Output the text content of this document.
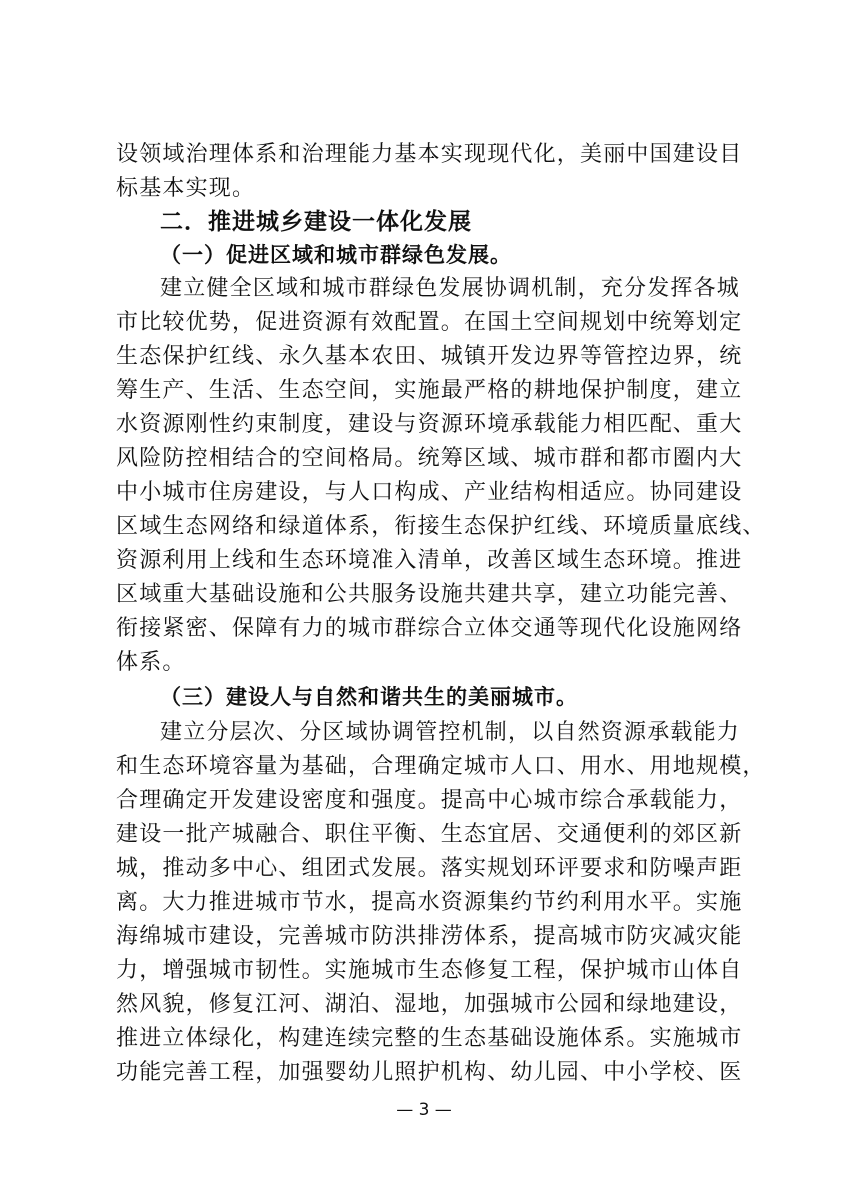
设领域治理体系和治理能力基本实现现代化，美丽中国建设目
标基本实现。
二．推进城乡建设一体化发展
（一）促进区域和城市群绿色发展。
建立健全区域和城市群绿色发展协调机制，充分发挥各城
市比较优势，促进资源有效配置。在国土空间规划中统筹划定
生态保护红线、永久基本农田、城镇开发边界等管控边界，统
筹生产、生活、生态空间，实施最严格的耕地保护制度，建立
水资源刚性约束制度，建设与资源环境承载能力相匹配、重大
风险防控相结合的空间格局。统筹区域、城市群和都市圈内大
中小城市住房建设，与人口构成、产业结构相适应。协同建设
区域生态网络和绿道体系，衔接生态保护红线、环境质量底线、
资源利用上线和生态环境准入清单，改善区域生态环境。推进
区域重大基础设施和公共服务设施共建共享，建立功能完善、
衔接紧密、保障有力的城市群综合立体交通等现代化设施网络
体系。
（三）建设人与自然和谐共生的美丽城市。
建立分层次、分区域协调管控机制，以自然资源承载能力
和生态环境容量为基础，合理确定城市人口、用水、用地规模，
合理确定开发建设密度和强度。提高中心城市综合承载能力，
建设一批产城融合、职住平衡、生态宜居、交通便利的郊区新
城，推动多中心、组团式发展。落实规划环评要求和防噪声距
离。大力推进城市节水，提高水资源集约节约利用水平。实施
海绵城市建设，完善城市防洪排涝体系，提高城市防灾减灾能
力，增强城市韧性。实施城市生态修复工程，保护城市山体自
然风貌，修复江河、湖泊、湿地，加强城市公园和绿地建设，
推进立体绿化，构建连续完整的生态基础设施体系。实施城市
功能完善工程，加强婴幼儿照护机构、幼儿园、中小学校、医
— 3 —
